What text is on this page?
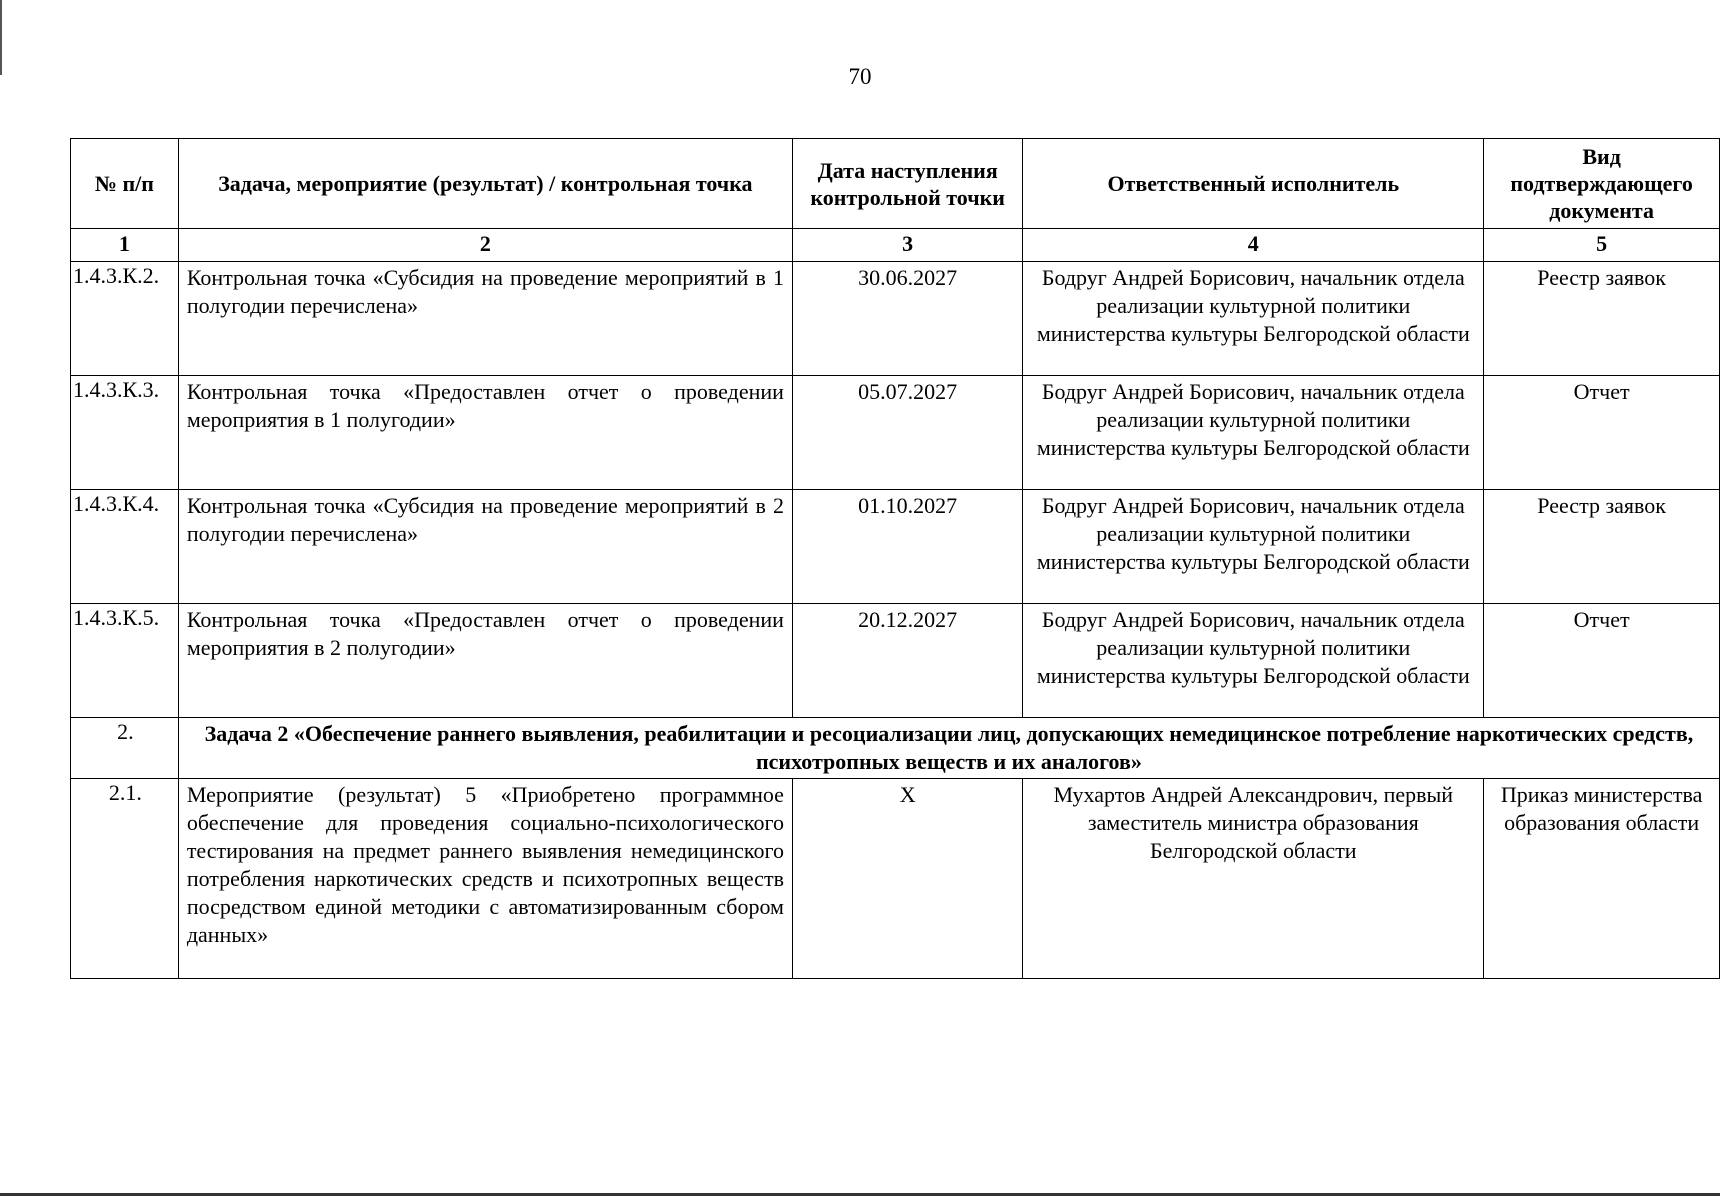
70
№ п/п	Задача, мероприятие (результат) / контрольная точка	Дата наступления контрольной точки	Ответственный исполнитель	Вид подтверждающего документа
1	2	3	4	5
1.4.3.К.2.	Контрольная точка «Субсидия на проведение мероприятий в 1 полугодии перечислена»	30.06.2027	Бодруг Андрей Борисович, начальник отдела реализации культурной политики министерства культуры Белгородской области	Реестр заявок
1.4.3.К.3.	Контрольная точка «Предоставлен отчет о проведении мероприятия в 1 полугодии»	05.07.2027	Бодруг Андрей Борисович, начальник отдела реализации культурной политики министерства культуры Белгородской области	Отчет
1.4.3.К.4.	Контрольная точка «Субсидия на проведение мероприятий в 2 полугодии перечислена»	01.10.2027	Бодруг Андрей Борисович, начальник отдела реализации культурной политики министерства культуры Белгородской области	Реестр заявок
1.4.3.К.5.	Контрольная точка «Предоставлен отчет о проведении мероприятия в 2 полугодии»	20.12.2027	Бодруг Андрей Борисович, начальник отдела реализации культурной политики министерства культуры Белгородской области	Отчет
2.	Задача 2 «Обеспечение раннего выявления, реабилитации и ресоциализации лиц, допускающих немедицинское потребление наркотических средств, психотропных веществ и их аналогов»			
2.1.	Мероприятие (результат) 5 «Приобретено программное обеспечение для проведения социально-психологического тестирования на предмет раннего выявления немедицинского потребления наркотических средств и психотропных веществ посредством единой методики с автоматизированным сбором данных»	X	Мухартов Андрей Александрович, первый заместитель министра образования Белгородской области	Приказ министерства образования области
